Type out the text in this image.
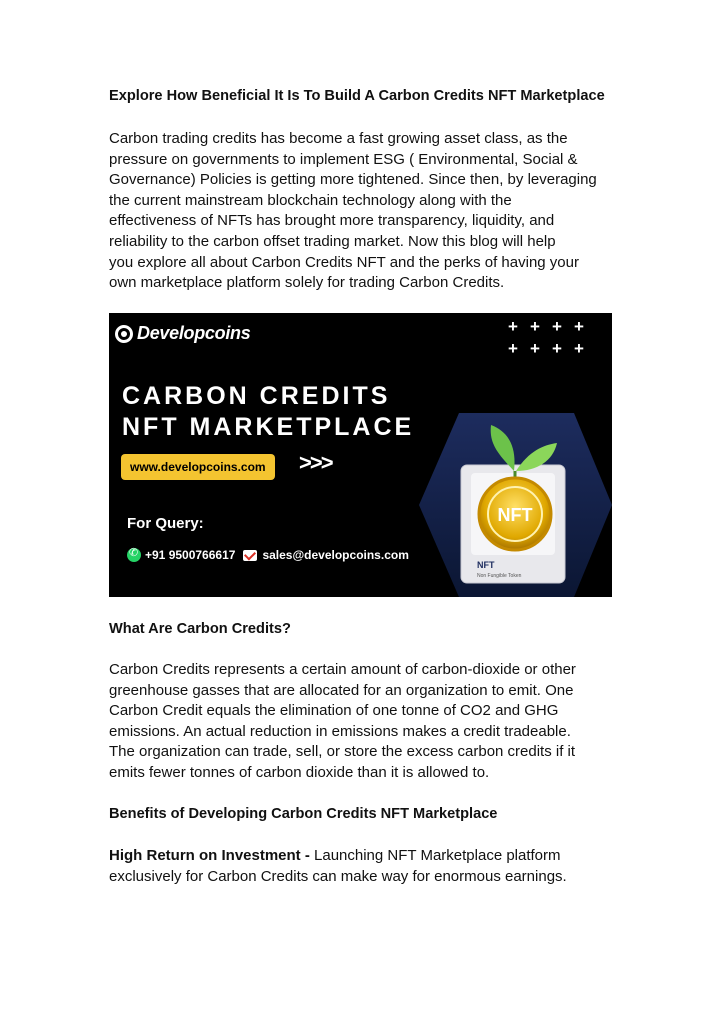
Explore How Beneficial It Is To Build A Carbon Credits NFT Marketplace

Carbon trading credits has become a fast growing asset class, as the

pressure on governments to implement ESG ( Environmental, Social &

Governance) Policies is getting more tightened. Since then, by leveraging

the current mainstream blockchain technology along with the

effectiveness of NFTs has brought more transparency, liquidity, and

reliability to the carbon offset trading market. Now this blog will help

you explore all about Carbon Credits NFT and the perks of having your

own marketplace platform solely for trading Carbon Credits.

Developcoins	+ + + +
+ + + +
CARBON CREDITS
NFT MARKETPLACE
www.developcoins.com	>>>
For Query:
✆
+91 9500766617 sales@developcoins.com
NFT
NFT
Non Fungible Token
What Are Carbon Credits?

Carbon Credits represents a certain amount of carbon-dioxide or other

greenhouse gasses that are allocated for an organization to emit. One

Carbon Credit equals the elimination of one tonne of CO2 and GHG

emissions. An actual reduction in emissions makes a credit tradeable.

The organization can trade, sell, or store the excess carbon credits if it

emits fewer tonnes of carbon dioxide than it is allowed to.

Benefits of Developing Carbon Credits NFT Marketplace

High Return on Investment - Launching NFT Marketplace platform

exclusively for Carbon Credits can make way for enormous earnings.
